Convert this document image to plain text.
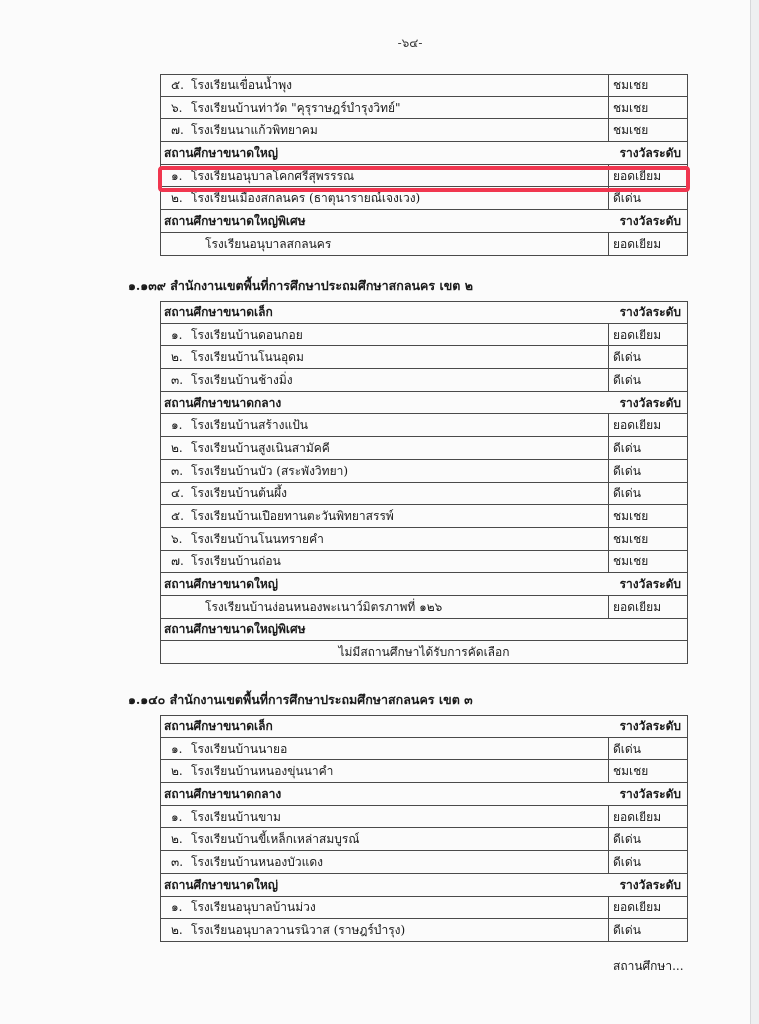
-๖๔-
๕. โรงเรียนเขื่อนน้ำพุง	ชมเชย
๖. โรงเรียนบ้านท่าวัด "คุรุราษฎร์บำรุงวิทย์"	ชมเชย
๗. โรงเรียนนาแก้วพิทยาคม	ชมเชย
สถานศึกษาขนาดใหญ่	รางวัลระดับ
๑. โรงเรียนอนุบาลโคกศรีสุพรรรณ	ยอดเยี่ยม
๒. โรงเรียนเมืองสกลนคร (ธาตุนารายณ์เจงเวง)	ดีเด่น
สถานศึกษาขนาดใหญ่พิเศษ	รางวัลระดับ
โรงเรียนอนุบาลสกลนคร	ยอดเยี่ยม
๑.๑๓๙ สำนักงานเขตพื้นที่การศึกษาประถมศึกษาสกลนคร เขต ๒
สถานศึกษาขนาดเล็ก	รางวัลระดับ
๑. โรงเรียนบ้านดอนกอย	ยอดเยี่ยม
๒. โรงเรียนบ้านโนนอุดม	ดีเด่น
๓. โรงเรียนบ้านช้างมิ่ง	ดีเด่น
สถานศึกษาขนาดกลาง	รางวัลระดับ
๑. โรงเรียนบ้านสร้างแป้น	ยอดเยี่ยม
๒. โรงเรียนบ้านสูงเนินสามัคคี	ดีเด่น
๓. โรงเรียนบ้านบัว (สระพังวิทยา)	ดีเด่น
๔. โรงเรียนบ้านต้นผึ้ง	ดีเด่น
๕. โรงเรียนบ้านเปือยทานตะวันพิทยาสรรพ์	ชมเชย
๖. โรงเรียนบ้านโนนทรายคำ	ชมเชย
๗. โรงเรียนบ้านถ่อน	ชมเชย
สถานศึกษาขนาดใหญ่	รางวัลระดับ
โรงเรียนบ้านง่อนหนองพะเนาว์มิตรภาพที่ ๑๒๖	ยอดเยี่ยม
สถานศึกษาขนาดใหญ่พิเศษ
ไม่มีสถานศึกษาได้รับการคัดเลือก
๑.๑๔๐ สำนักงานเขตพื้นที่การศึกษาประถมศึกษาสกลนคร เขต ๓
สถานศึกษาขนาดเล็ก	รางวัลระดับ
๑. โรงเรียนบ้านนายอ	ดีเด่น
๒. โรงเรียนบ้านหนองขุ่นนาคำ	ชมเชย
สถานศึกษาขนาดกลาง	รางวัลระดับ
๑. โรงเรียนบ้านขาม	ยอดเยี่ยม
๒. โรงเรียนบ้านขี้เหล็กเหล่าสมบูรณ์	ดีเด่น
๓. โรงเรียนบ้านหนองบัวแดง	ดีเด่น
สถานศึกษาขนาดใหญ่	รางวัลระดับ
๑. โรงเรียนอนุบาลบ้านม่วง	ยอดเยี่ยม
๒. โรงเรียนอนุบาลวานรนิวาส (ราษฎร์บำรุง)	ดีเด่น
สถานศึกษา...
